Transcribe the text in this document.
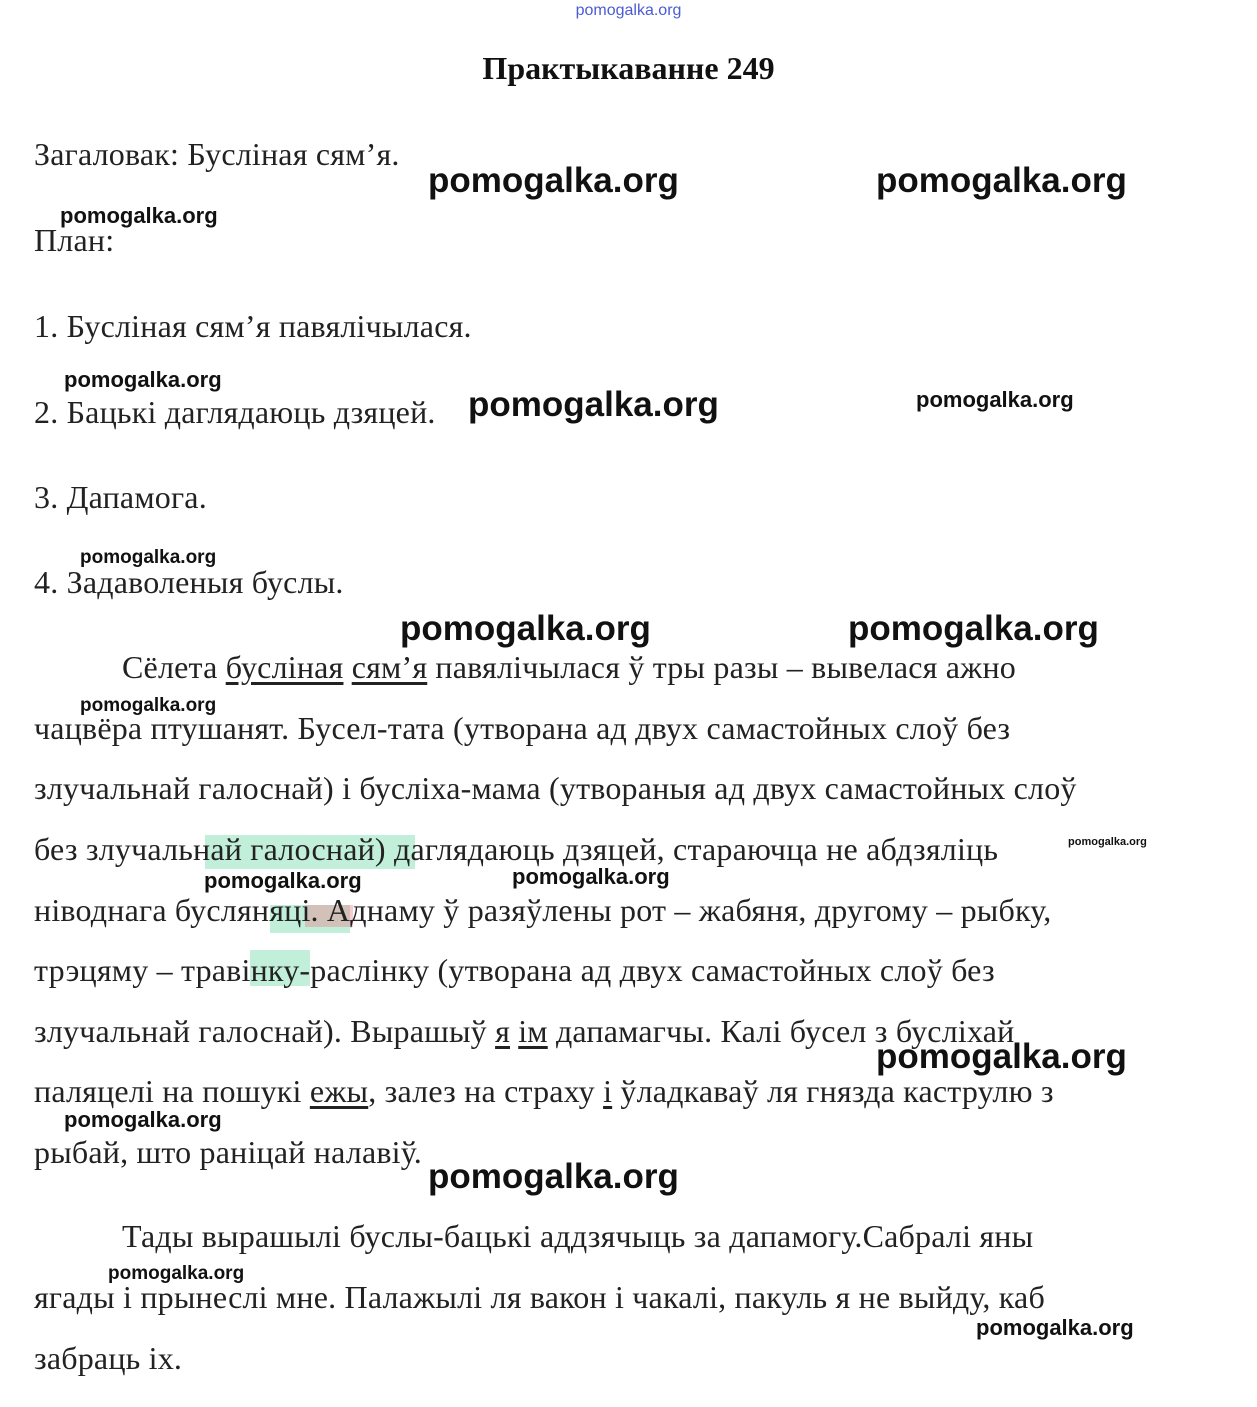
pomogalka.org
Практыкаванне 249
Загаловак: Бусліная сям’я.
План:
1. Бусліная сям’я павялічылася.
2. Бацькі даглядаюць дзяцей.
3. Дапамога.
4. Задаволеныя буслы.
Сёлета бусліная сям’я павялічылася ў тры разы – вывелася ажно
чацвёра птушанят. Бусел-тата (утворана ад двух самастойных слоў без
злучальнай галоснай) і бусліха-мама (утвораныя ад двух самастойных слоў
без злучальнай галоснай) даглядаюць дзяцей, стараючца не абдзяліць
ніводнага бусляняці. Аднаму ў разяўлены рот – жабяня, другому – рыбку,
трэцяму – травінку-раслінку (утворана ад двух самастойных слоў без
злучальнай галоснай). Вырашыў я ім дапамагчы. Калі бусел з бусліхай
паляцелі на пошукі ежы, залез на страху і ўладкаваў ля гнязда каструлю з
рыбай, што раніцай налавіў.
Тады вырашылі буслы-бацькі аддзячыць за дапамогу.Сабралі яны
ягады і прынеслі мне. Палажылі ля вакон і чакалі, пакуль я не выйду, каб
забраць іх.
pomogalka.org	pomogalka.org
pomogalka.org
pomogalka.org
pomogalka.org	pomogalka.org
pomogalka.org
pomogalka.org	pomogalka.org
pomogalka.org
pomogalka.org
pomogalka.org	pomogalka.org
pomogalka.org
pomogalka.org
pomogalka.org
pomogalka.org
pomogalka.org
